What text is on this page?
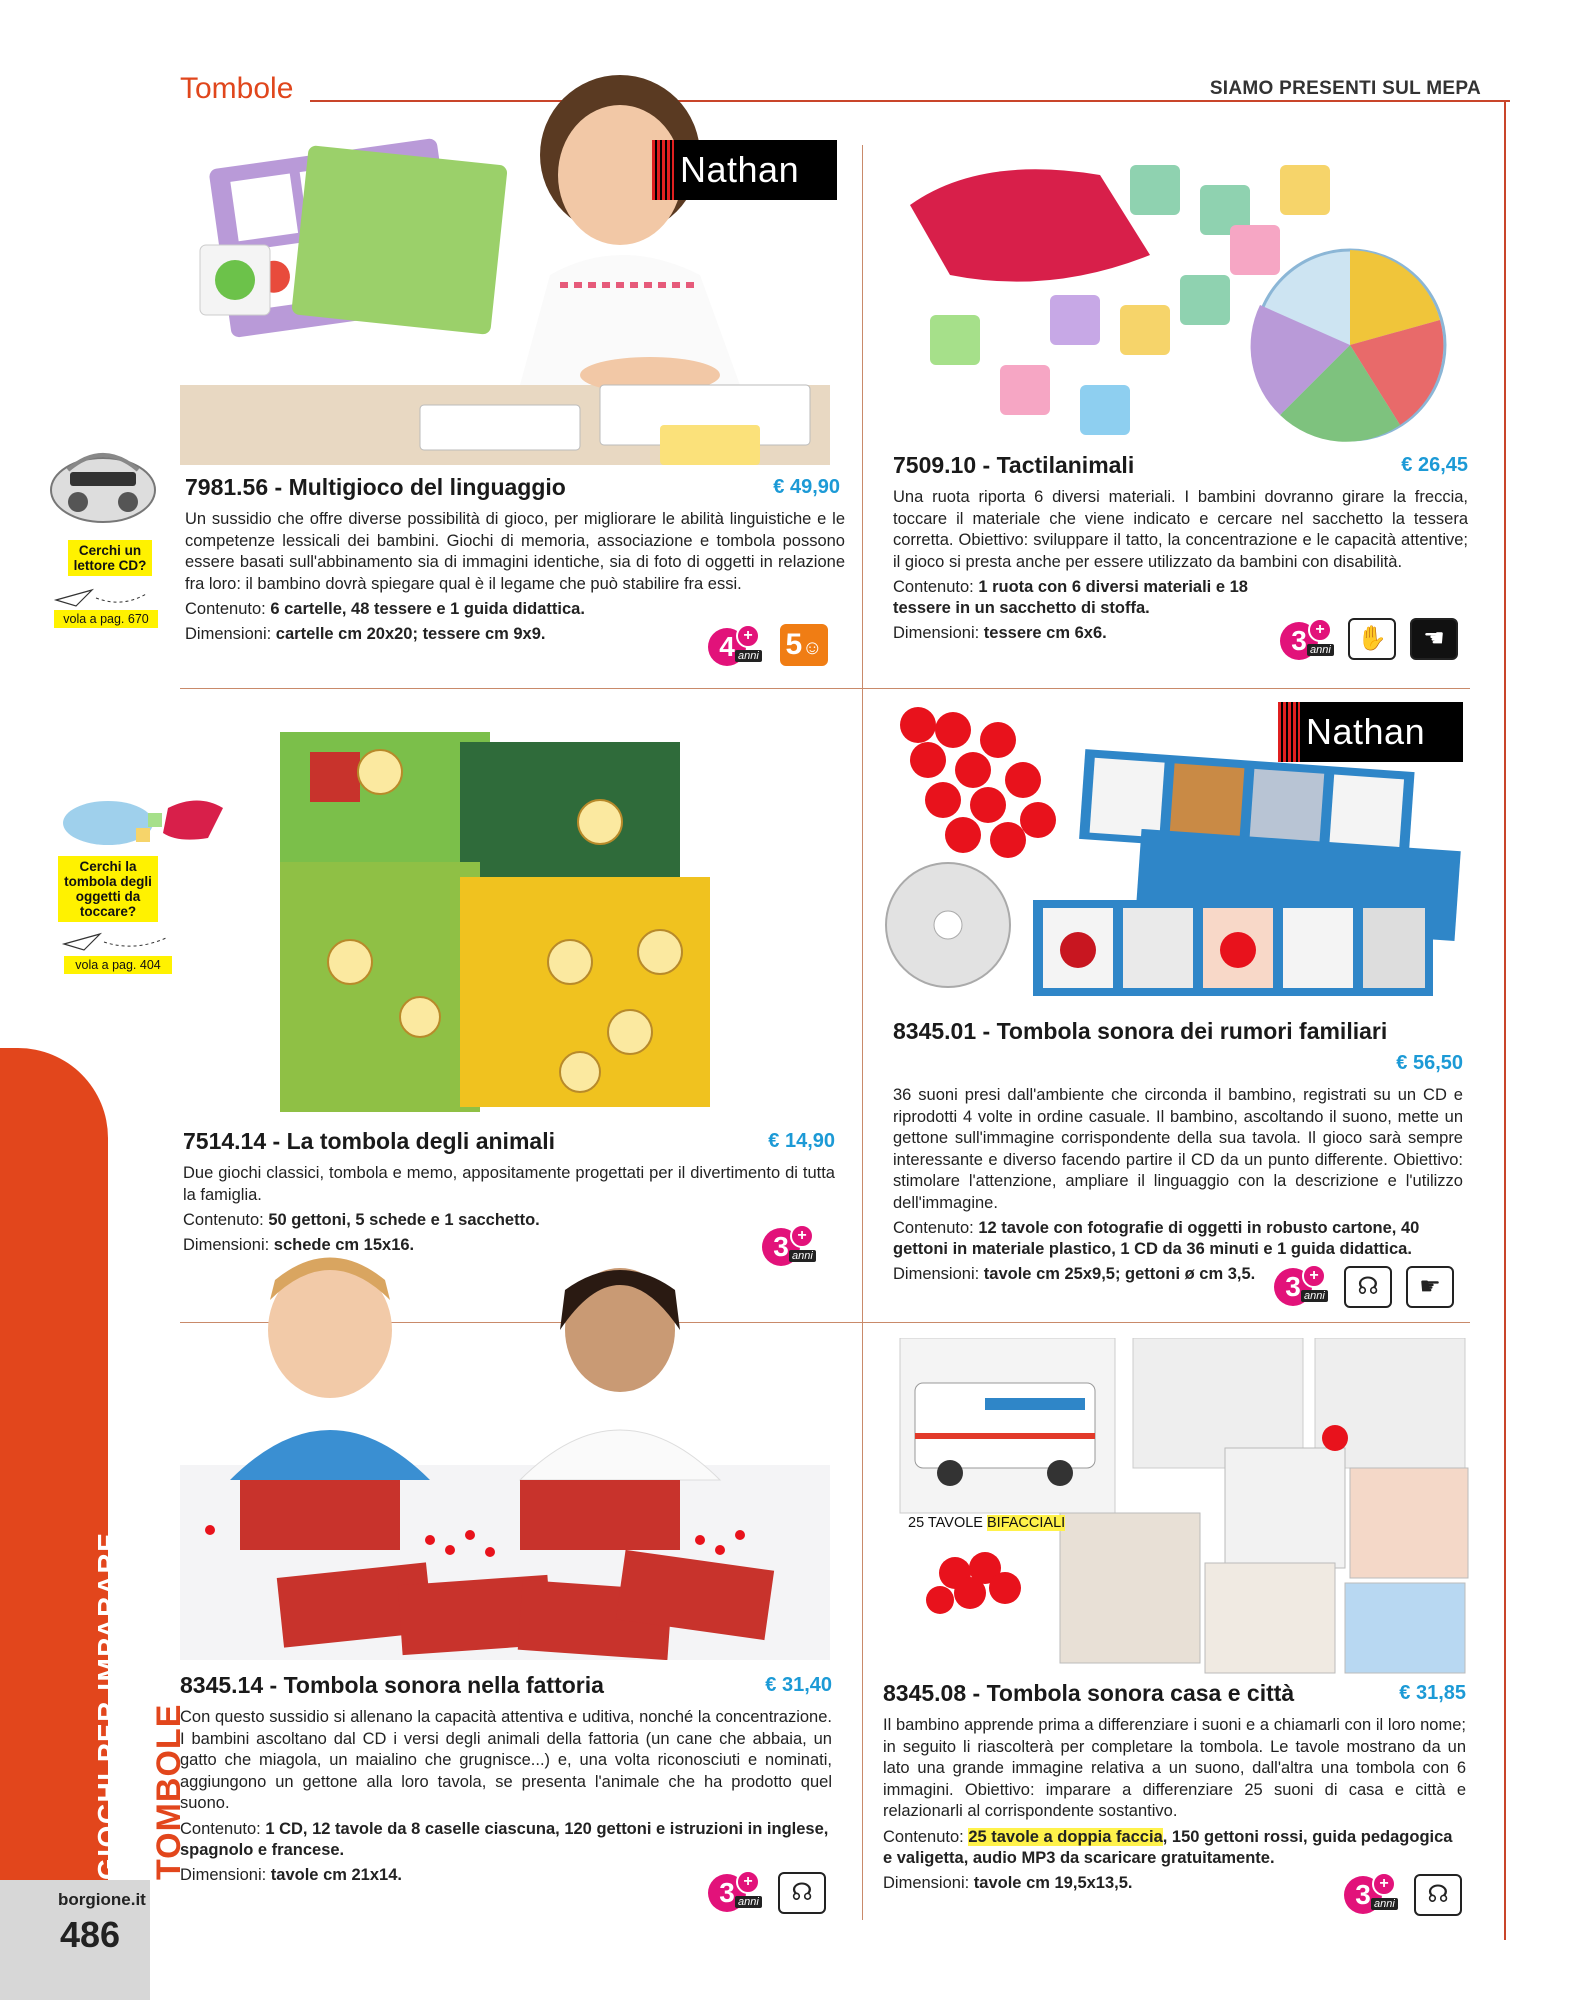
Tombole	SIAMO PRESENTI SUL MEPA
Nathan
7981.56 - Multigioco del linguaggio	€ 49,90
Un sussidio che offre diverse possibilità di gioco, per migliorare le abilità linguistiche e le competenze lessicali dei bambini. Giochi di memoria, associazione e tombola possono essere basati sull'abbinamento sia di immagini identiche, sia di foto di oggetti in relazione fra loro: il bambino dovrà spiegare qual è il legame che può stabilire fra essi.
Contenuto: 6 cartelle, 48 tessere e 1 guida didattica.
Dimensioni: cartelle cm 20x20; tessere cm 9x9.	4 +
anni 5☺
7509.10 - Tactilanimali	€ 26,45
Una ruota riporta 6 diversi materiali. I bambini dovranno girare la freccia, toccare il materiale che viene indicato e cercare nel sacchetto la tessera corretta. Obiettivo: sviluppare il tatto, la concentrazione e le capacità attentive; il gioco si presta anche per essere utilizzato da bambini con disabilità.
Contenuto: 1 ruota con 6 diversi materiali e 18 tessere in un sacchetto di stoffa.
Dimensioni: tessere cm 6x6.	3 +
anni	✋	☚
Nathan
7514.14 - La tombola degli animali	€ 14,90
Due giochi classici, tombola e memo, appositamente progettati per il divertimento di tutta la famiglia.
Contenuto: 50 gettoni, 5 schede e 1 sacchetto.
Dimensioni: schede cm 15x16.	3 +
anni
8345.01 - Tombola sonora dei rumori familiari
€ 56,50
36 suoni presi dall'ambiente che circonda il bambino, registrati su un CD e riprodotti 4 volte in ordine casuale. Il bambino, ascoltando il suono, mette un gettone sull'immagine corrispondente della sua tavola. Il gioco sarà sempre interessante e diverso facendo partire il CD da un punto differente. Obiettivo: stimolare l'attenzione, ampliare il linguaggio con la descrizione e l'utilizzo dell'immagine.
Contenuto: 12 tavole con fotografie di oggetti in robusto cartone, 40 gettoni in materiale plastico, 1 CD da 36 minuti e 1 guida didattica.
Dimensioni: tavole cm 25x9,5; gettoni ø cm 3,5.	3 +
anni	☊	☛
25 TAVOLE BIFACCIALI
8345.14 - Tombola sonora nella fattoria	€ 31,40
Con questo sussidio si allenano la capacità attentiva e uditiva, nonché la concentrazione. I bambini ascoltano dal CD i versi degli animali della fattoria (un cane che abbaia, un gatto che miagola, un maialino che grugnisce...) e, una volta riconosciuti e nominati, aggiungono un gettone alla loro tavola, se presenta l'animale che ha prodotto quel suono.
Contenuto: 1 CD, 12 tavole da 8 caselle ciascuna, 120 gettoni e istruzioni in inglese, spagnolo e francese.
Dimensioni: tavole cm 21x14.
3 +
anni	☊
8345.08 - Tombola sonora casa e città	€ 31,85
Il bambino apprende prima a differenziare i suoni e a chiamarli con il loro nome; in seguito li riascolterà per completare la tombola. Le tavole mostrano da un lato una grande immagine relativa a un suono, dall'altra una tombola con 6 immagini. Obiettivo: imparare a differenziare 25 suoni di casa e città e relazionarli al corrispondente sostantivo.
Contenuto: 25 tavole a doppia faccia, 150 gettoni rossi, guida pedagogica e valigetta, audio MP3 da scaricare gratuitamente.
Dimensioni: tavole cm 19,5x13,5.	3 +
anni	☊
Cerchi un lettore CD?
vola a pag. 670
Cerchi la tombola degli oggetti da toccare?
vola a pag. 404
GIOCHI PER IMPARARE TOMBOLE
borgione.it
486
